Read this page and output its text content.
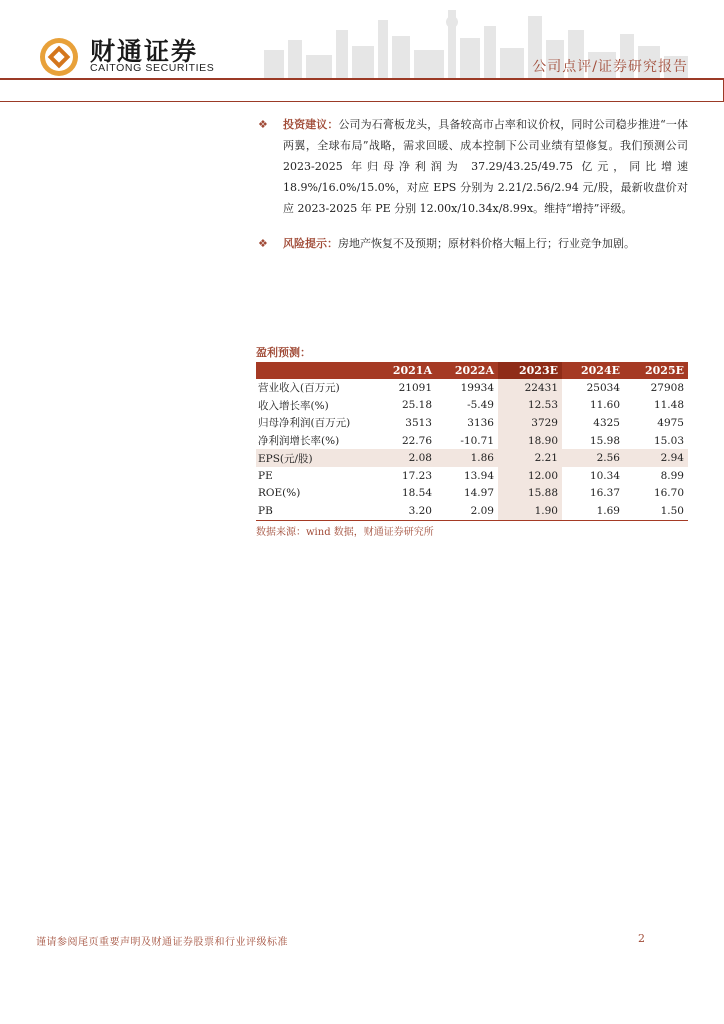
财通证券
CAITONG SECURITIES	公司点评/证券研究报告
❖ 投资建议：公司为石膏板龙头，具备较高市占率和议价权，同时公司稳步推进“一体两翼，全球布局”战略，需求回暖、成本控制下公司业绩有望修复。我们预测公司 2023-2025 年归母净利润为 37.29/43.25/49.75 亿元，同比增速 18.9%/16.0%/15.0%，对应 EPS 分别为 2.21/2.56/2.94 元/股，最新收盘价对应 2023-2025 年 PE 分别 12.00x/10.34x/8.99x。维持“增持”评级。
❖ 风险提示：房地产恢复不及预期；原材料价格大幅上行；行业竞争加剧。
盈利预测：
	2021A	2022A	2023E	2024E	2025E
营业收入(百万元)	21091	19934	22431	25034	27908
收入增长率(%)	25.18	-5.49	12.53	11.60	11.48
归母净利润(百万元)	3513	3136	3729	4325	4975
净利润增长率(%)	22.76	-10.71	18.90	15.98	15.03
EPS(元/股)	2.08	1.86	2.21	2.56	2.94
PE	17.23	13.94	12.00	10.34	8.99
ROE(%)	18.54	14.97	15.88	16.37	16.70
PB	3.20	2.09	1.90	1.69	1.50
数据来源：wind 数据，财通证券研究所
谨请参阅尾页重要声明及财通证券股票和行业评级标准	2
